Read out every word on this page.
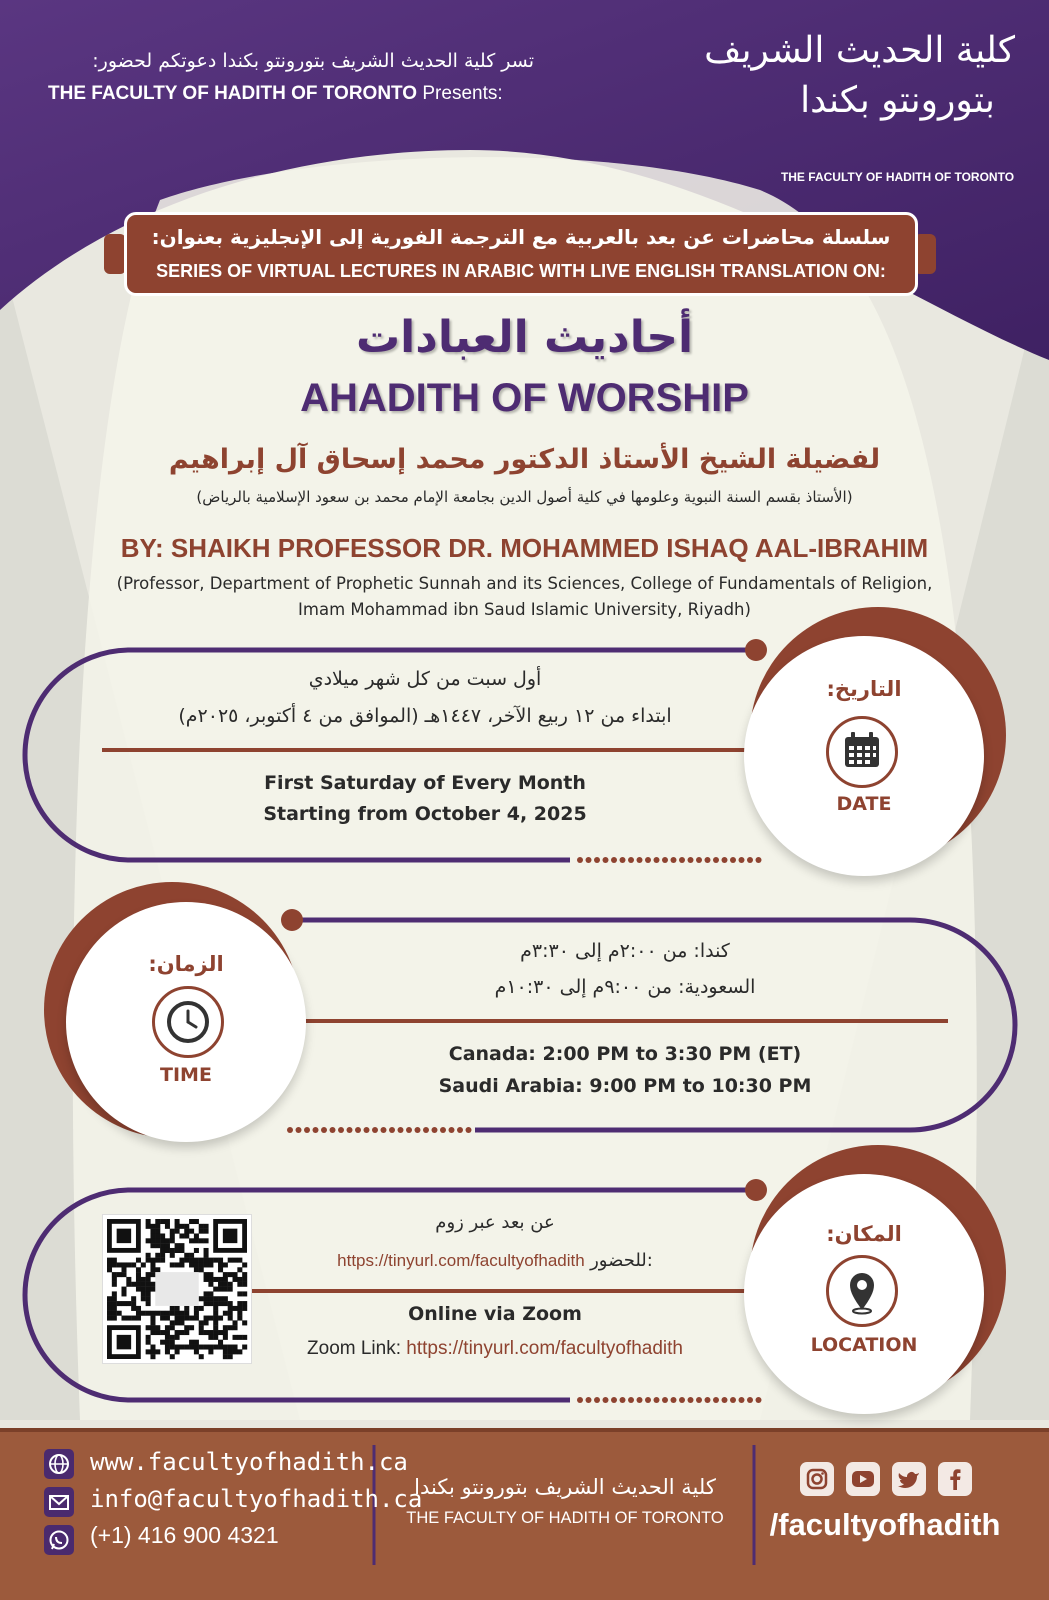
تسر كلية الحديث الشريف بتورونتو بكندا دعوتكم لحضور:
THE FACULTY OF HADITH OF TORONTO Presents:
كلية الحديث الشريف
بتورونتو بكندا
THE FACULTY OF HADITH OF TORONTO
سلسلة محاضرات عن بعد بالعربية مع الترجمة الفورية إلى الإنجليزية بعنوان:
SERIES OF VIRTUAL LECTURES IN ARABIC WITH LIVE ENGLISH TRANSLATION ON:
أحاديث العبادات
AHADITH OF WORSHIP
لفضيلة الشيخ الأستاذ الدكتور محمد إسحاق آل إبراهيم
(الأستاذ بقسم السنة النبوية وعلومها في كلية أصول الدين بجامعة الإمام محمد بن سعود الإسلامية بالرياض)
BY: SHAIKH PROFESSOR DR. MOHAMMED ISHAQ AAL-IBRAHIM
(Professor, Department of Prophetic Sunnah and its Sciences, College of Fundamentals of Religion,
Imam Mohammad ibn Saud Islamic University, Riyadh)
التاريخ:
DATE
أول سبت من كل شهر ميلادي
ابتداء من ١٢ ربيع الآخر، ١٤٤٧هـ (الموافق من ٤ أكتوبر، ٢٠٢٥م)
First Saturday of Every Month
Starting from October 4, 2025
الزمان:
TIME
كندا: من ٢:٠٠م إلى ٣:٣٠م
السعودية: من ٩:٠٠م إلى ١٠:٣٠م
Canada: 2:00 PM to 3:30 PM (ET)
Saudi Arabia: 9:00 PM to 10:30 PM
المكان:
LOCATION
عن بعد عبر زوم
https://tinyurl.com/facultyofhadith للحضور:
Online via Zoom
Zoom Link: https://tinyurl.com/facultyofhadith
www.facultyofhadith.ca
info@facultyofhadith.ca
(+1) 416 900 4321
كلية الحديث الشريف بتورونتو بكندا
THE FACULTY OF HADITH OF TORONTO	/facultyofhadith
